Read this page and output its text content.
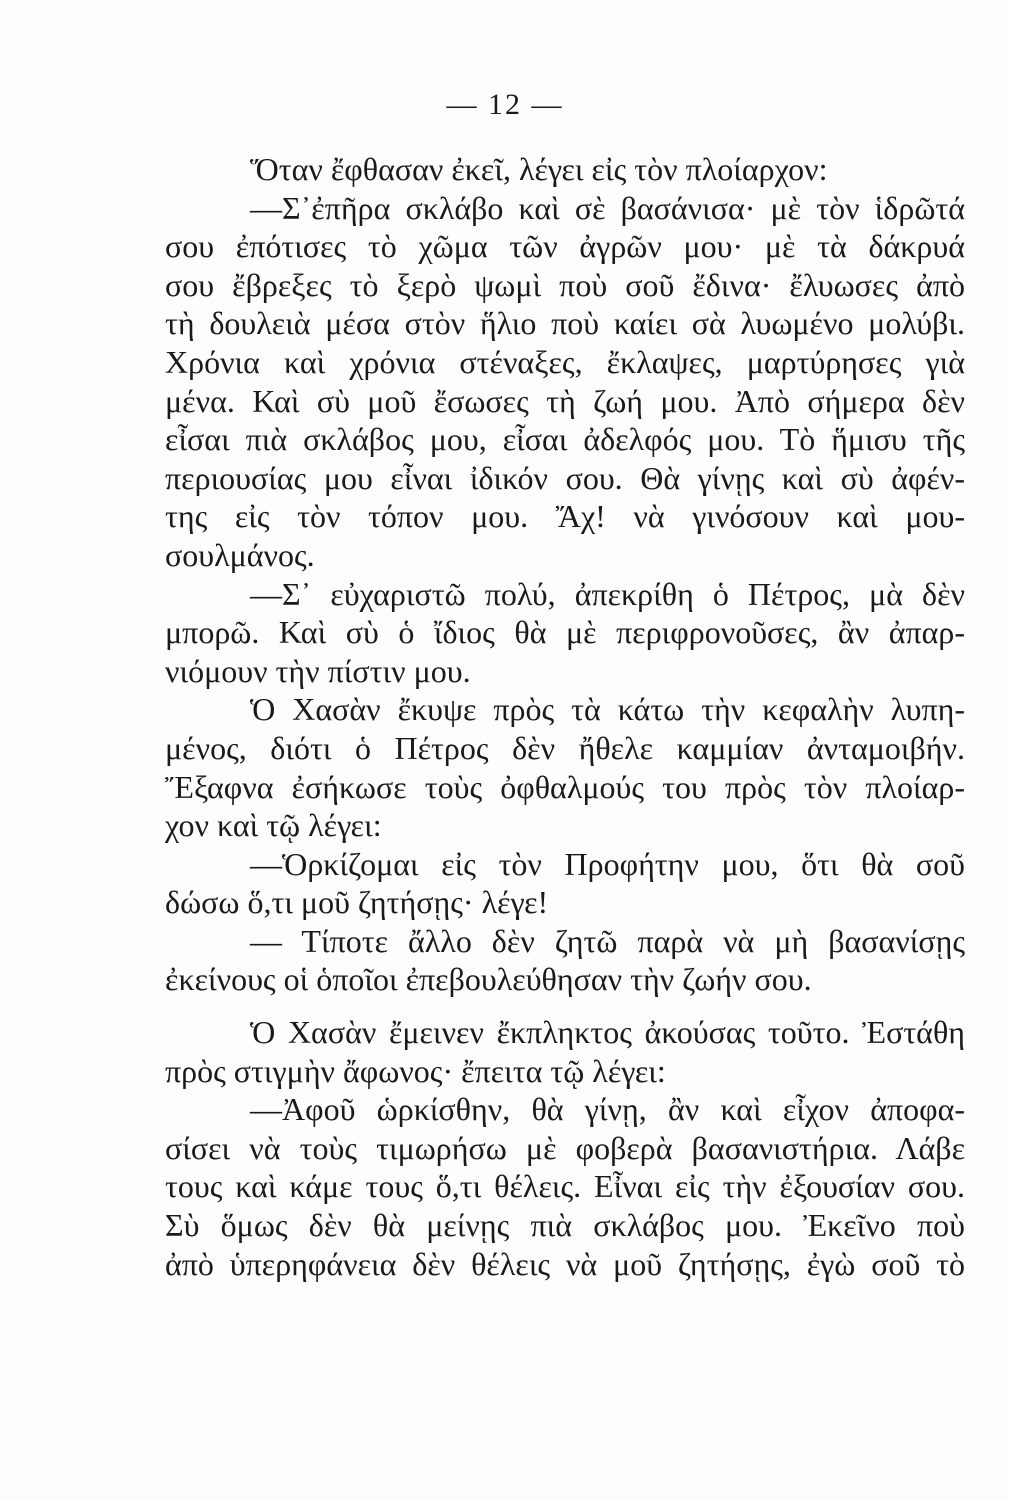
— 12 —
Ὅταν ἔφθασαν ἐκεῖ, λέγει εἰς τὸν πλοίαρχον:
—Σ᾽ἐπῆρα σκλάβο καὶ σὲ βασάνισα· μὲ τὸν ἱδρῶτά
σου ἐπότισες τὸ χῶμα τῶν ἀγρῶν μου· μὲ τὰ δάκρυά
σου ἔβρεξες τὸ ξερὸ ψωμὶ ποὺ σοῦ ἔδινα· ἔλυωσες ἀπὸ
τὴ δουλειὰ μέσα στὸν ἥλιο ποὺ καίει σὰ λυωμένο μολύβι.
Χρόνια καὶ χρόνια στέναξες, ἔκλαψες, μαρτύρησες γιὰ
μένα. Καὶ σὺ μοῦ ἔσωσες τὴ ζωή μου. Ἀπὸ σήμερα δὲν
εἶσαι πιὰ σκλάβος μου, εἶσαι ἀδελφός μου. Τὸ ἥμισυ τῆς
περιουσίας μου εἶναι ἰδικόν σου. Θὰ γίνῃς καὶ σὺ ἀφέν-
της εἰς τὸν τόπον μου. Ἄχ! νὰ γινόσουν καὶ μου-
σουλμάνος.
—Σ᾽ εὐχαριστῶ πολύ, ἀπεκρίθη ὁ Πέτρος, μὰ δὲν
μπορῶ. Καὶ σὺ ὁ ἴδιος θὰ μὲ περιφρονοῦσες, ἂν ἀπαρ-
νιόμουν τὴν πίστιν μου.
Ὁ Χασὰν ἔκυψε πρὸς τὰ κάτω τὴν κεφαλὴν λυπη-
μένος, διότι ὁ Πέτρος δὲν ἤθελε καμμίαν ἀνταμοιβήν.
Ἔξαφνα ἐσήκωσε τοὺς ὀφθαλμούς του πρὸς τὸν πλοίαρ-
χον καὶ τῷ λέγει:
—Ὁρκίζομαι εἰς τὸν Προφήτην μου, ὅτι θὰ σοῦ
δώσω ὅ,τι μοῦ ζητήσῃς· λέγε!
— Τίποτε ἄλλο δὲν ζητῶ παρὰ νὰ μὴ βασανίσῃς
ἐκείνους οἱ ὁποῖοι ἐπεβουλεύθησαν τὴν ζωήν σου.
Ὁ Χασὰν ἔμεινεν ἔκπληκτος ἀκούσας τοῦτο. Ἐστάθη
πρὸς στιγμὴν ἄφωνος· ἔπειτα τῷ λέγει:
—Ἀφοῦ ὡρκίσθην, θὰ γίνῃ, ἂν καὶ εἶχον ἀποφα-
σίσει νὰ τοὺς τιμωρήσω μὲ φοβερὰ βασανιστήρια. Λάβε
τους καὶ κάμε τους ὅ,τι θέλεις. Εἶναι εἰς τὴν ἐξουσίαν σου.
Σὺ ὅμως δὲν θὰ μείνῃς πιὰ σκλάβος μου. Ἐκεῖνο ποὺ
ἀπὸ ὑπερηφάνεια δὲν θέλεις νὰ μοῦ ζητήσῃς, ἐγὼ σοῦ τὸ
